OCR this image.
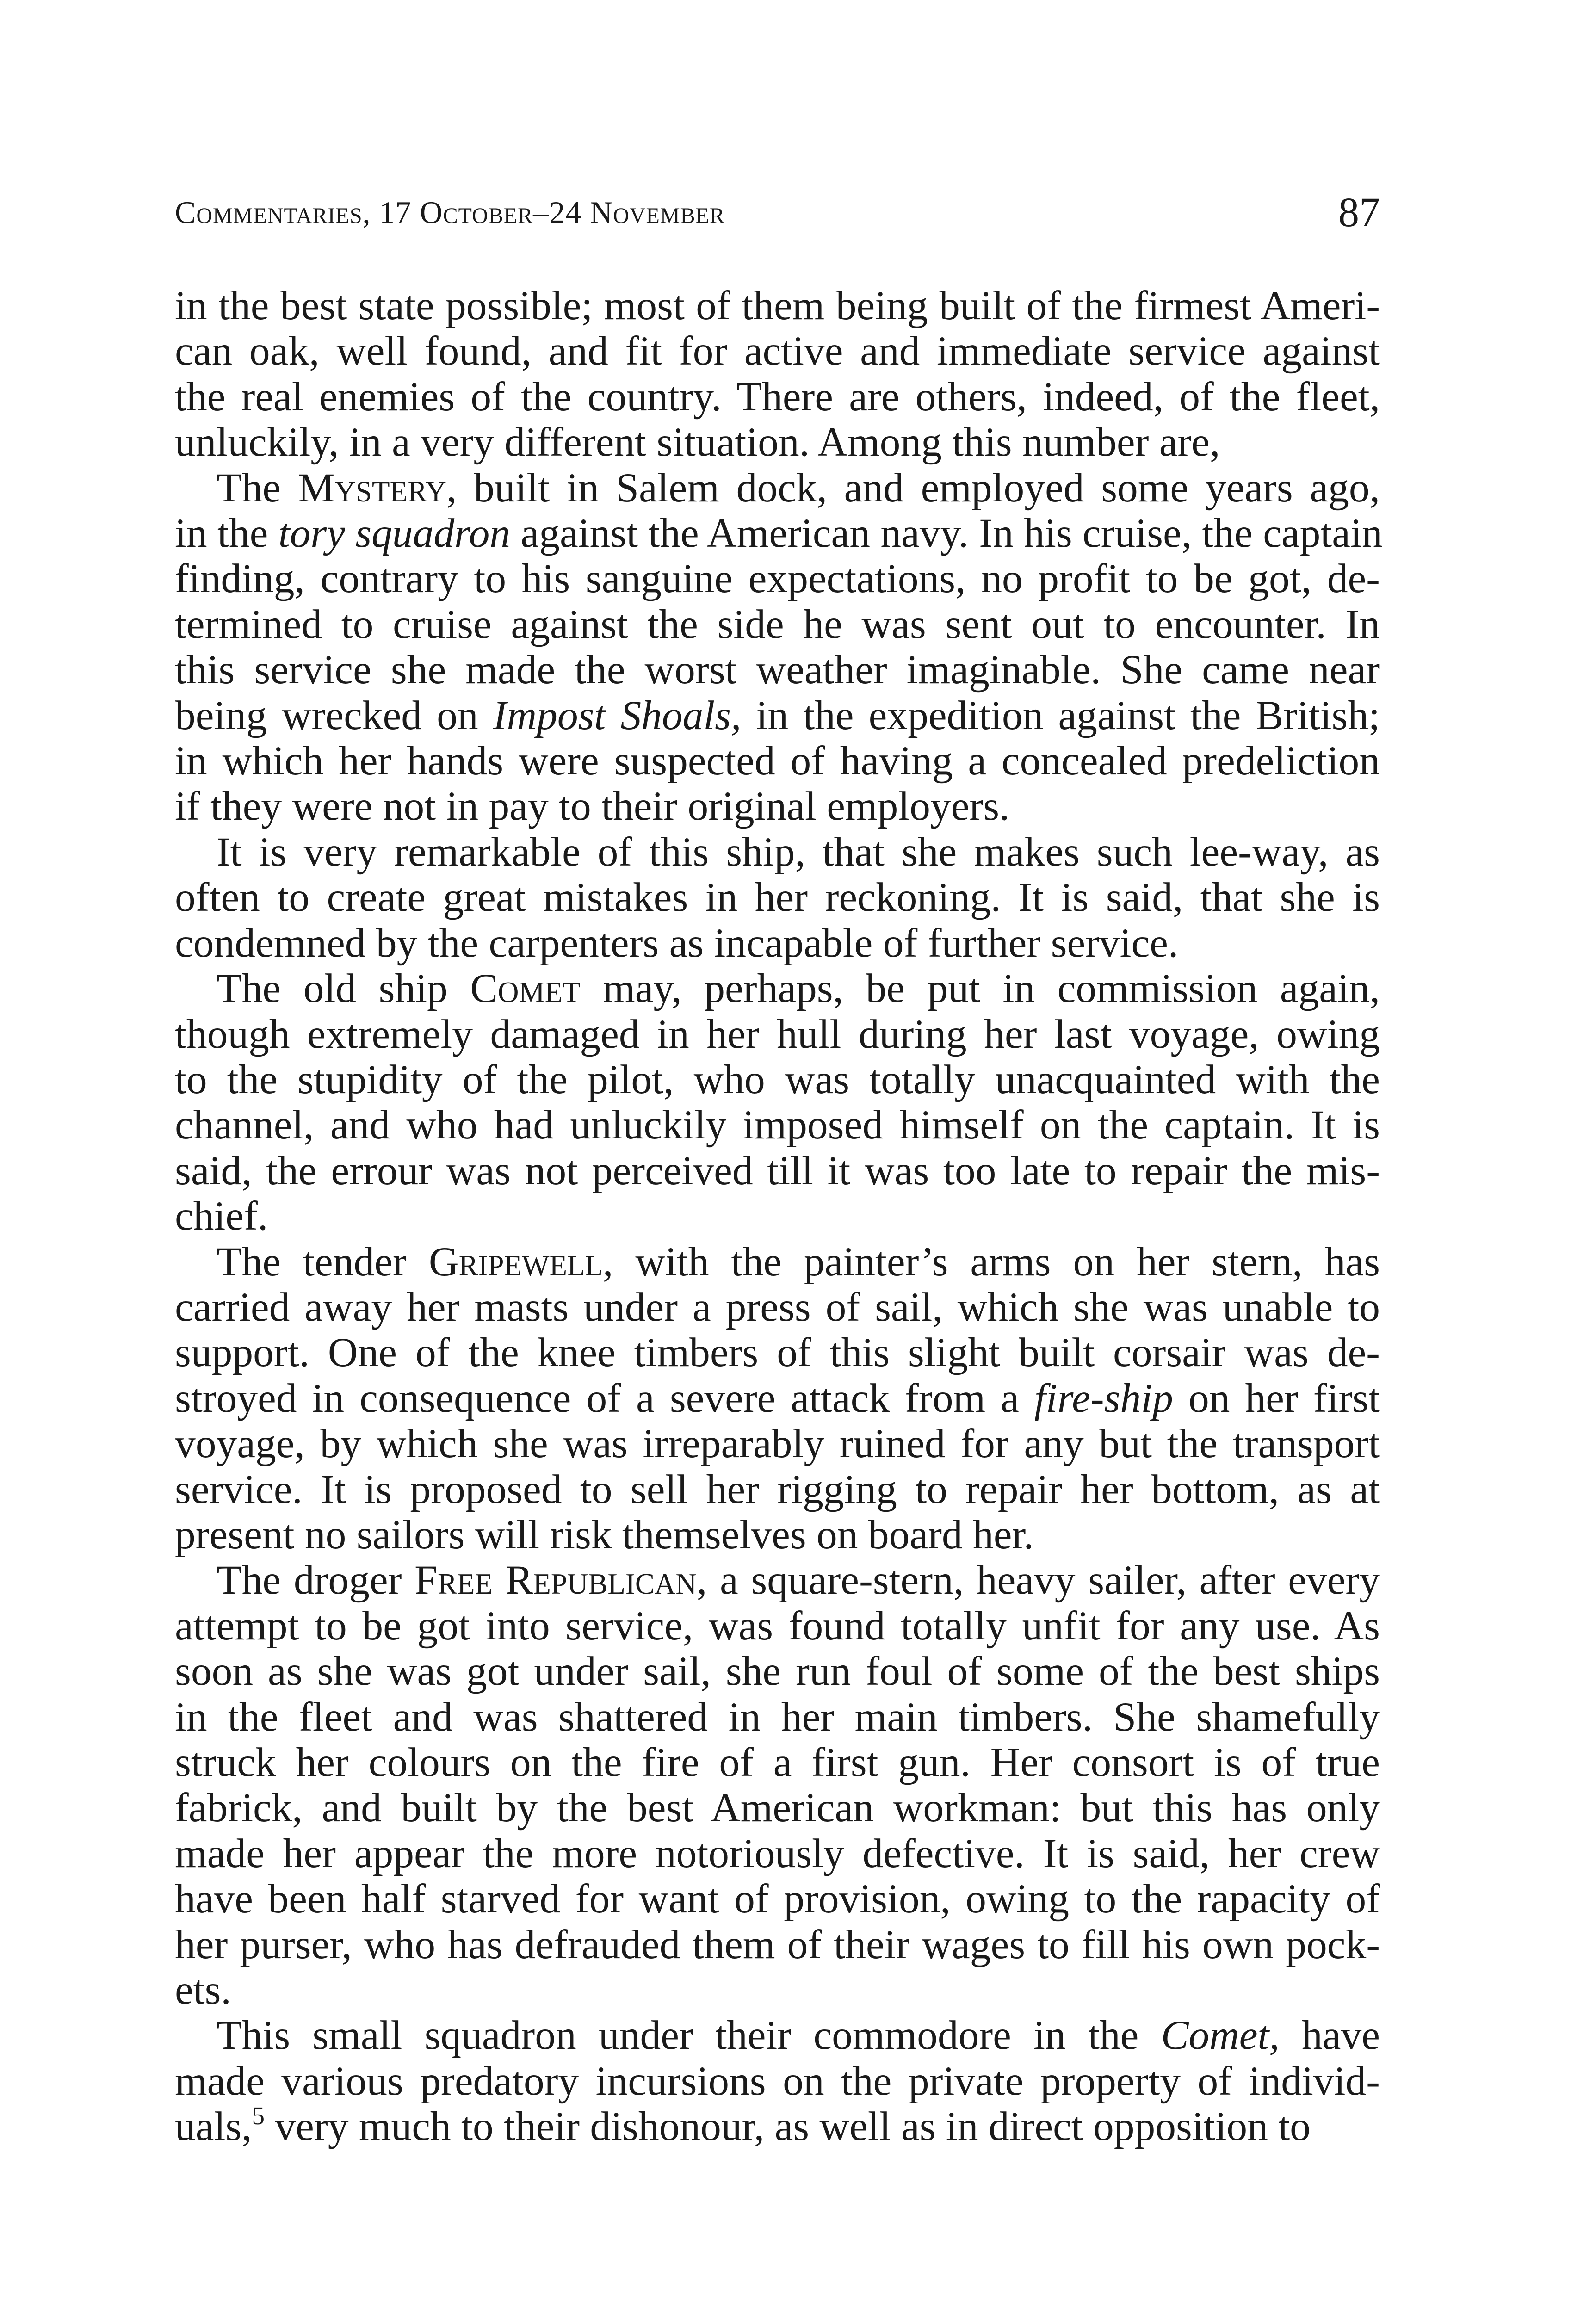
Commentaries, 17 October–24 November	87
in the best state possible; most of them being built of the firmest Ameri-
can oak, well found, and fit for active and immediate service against
the real enemies of the country. There are others, indeed, of the fleet,
unluckily, in a very different situation. Among this number are,
The Mystery, built in Salem dock, and employed some years ago,
in the tory squadron against the American navy. In his cruise, the captain
finding, contrary to his sanguine expectations, no profit to be got, de-
termined to cruise against the side he was sent out to encounter. In
this service she made the worst weather imaginable. She came near
being wrecked on Impost Shoals, in the expedition against the British;
in which her hands were suspected of having a concealed predeliction
if they were not in pay to their original employers.
It is very remarkable of this ship, that she makes such lee-way, as
often to create great mistakes in her reckoning. It is said, that she is
condemned by the carpenters as incapable of further service.
The old ship Comet may, perhaps, be put in commission again,
though extremely damaged in her hull during her last voyage, owing
to the stupidity of the pilot, who was totally unacquainted with the
channel, and who had unluckily imposed himself on the captain. It is
said, the errour was not perceived till it was too late to repair the mis-
chief.
The tender Gripewell, with the painter’s arms on her stern, has
carried away her masts under a press of sail, which she was unable to
support. One of the knee timbers of this slight built corsair was de-
stroyed in consequence of a severe attack from a fire-ship on her first
voyage, by which she was irreparably ruined for any but the transport
service. It is proposed to sell her rigging to repair her bottom, as at
present no sailors will risk themselves on board her.
The droger Free Republican, a square-stern, heavy sailer, after every
attempt to be got into service, was found totally unfit for any use. As
soon as she was got under sail, she run foul of some of the best ships
in the fleet and was shattered in her main timbers. She shamefully
struck her colours on the fire of a first gun. Her consort is of true
fabrick, and built by the best American workman: but this has only
made her appear the more notoriously defective. It is said, her crew
have been half starved for want of provision, owing to the rapacity of
her purser, who has defrauded them of their wages to fill his own pock-
ets.
This small squadron under their commodore in the Comet, have
made various predatory incursions on the private property of individ-
uals,$^5$ very much to their dishonour, as well as in direct opposition to
